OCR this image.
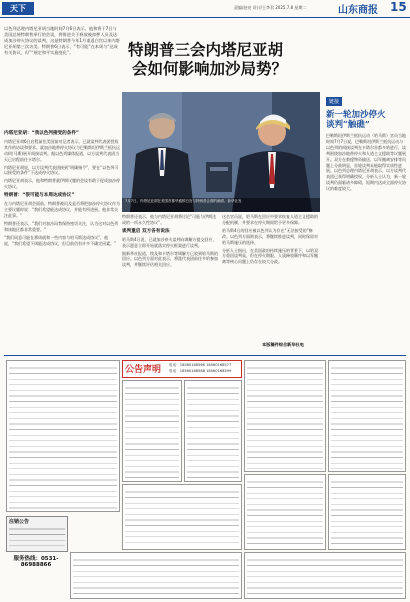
天下	责编/赵亮 设计/王李君 2025.7.8 星期二	山东商报 15

以色列总理内塔尼亚胡当地时间7月6日表示，他和将于7日与美国总统特朗普举行的会谈，将推进关于释放被扣押人员及达成加沙停火协议的谈判。这是特朗普今年1月重返白宫以来内塔尼亚胡第三次访美。特朗普6日表示，“有可能”在本周与“达成有关协议，但”“规定和平实施变化”。	特朗普三会内塔尼亚胡
会如何影响加沙局势？
7月7日，内塔尼亚胡在美国首都华盛顿白宫与特朗普会面的画面。新华社发
内塔尼亚胡：“我以色列接受的条件”

内塔尼亚胡6日启程前往美国前对记者表示，已就谈判代表团授权其作的访谈和要求。就加沙地带停火协议与巴勒斯坦伊斯兰抵抗运动(哈马斯)展开间接谈判。据以色列媒体报道，以方谈判代表团当天已启程前往卡塔尔。

内塔尼亚胡说，以方谈判代表团接到“明确指令”，要在“以色列可以接受的条件”下达成停火协议。

内塔尼亚胡表示，他和特朗普就伊朗议题的会谈有助于促成加沙停火协议。

特朗普：“很可能与本周达成协议”

在与内塔尼亚胡会面前，特朗普被问及是否将把加沙停火协议作为主要议题时说：“我们希望能达成协议，并能有所进展。他非常关注此事。”

特朗普还表示，“我们对加沙局势保持密切关注，认为这对以色列和该地区都非常重要。”

“我们同意可能在那周就和一些内容与哈马斯达成协议”，他说，“我们希望下周能达成协议，但目前仍有许多不确定因素。”

特朗普还表示，他与内塔尼亚胡将讨论“可能与伊朗达成的一项永久性协议”。

谈判重启 双方各有说法

哈马斯4日说，已就加沙停火谈判向调解方提交回应，表示愿意立即开始就落实停火框架进行谈判。

据新华社报道，埃及和卡塔尔等调解方已收到哈马斯的回应。以色列方面对此表示，将派代表团前往多哈参加谈判，并继续评估相关回应。

这名官员说，哈马斯在回应中要求恢复人道主义援助的分配机制，并要求在停火期间给予更多保障。

哈马斯4日的回应被以色列认为存在“无法接受的”修改。以色列方面则表示，将继续推进谈判，同时保留对哈马斯施压的选择。

分析人士指出，在美国政府持续施压的背景下，以哈双方重回谈判桌，但在停火期限、人质释放顺序和以军撤离等核心问题上仍存在较大分歧。

本版稿件综合新华社电
链接
新一轮加沙停火
谈判“触礁”

巴勒斯坦伊斯兰抵抗运动（哈马斯）官员当地时间7月7日说，巴勒斯坦伊斯兰抵抗运动与以色列的间接谈判在卡塔尔首都多哈进行，谈判围绕加沙地带停火和人道主义援助等议题展开。双方在救援物资输送、以军撤离安排等问题上分歧明显，首轮谈判未能取得实质性进展。以色列总理内塔尼亚胡表示，以方谈判代表团已获得明确授权。分析人士认为，新一轮谈判仍面临诸多障碍，短期内达成全面停火协议的难度较大。

公告声明 电话：18560168566 18560168577
电话：18560168588 18560168599
注销公告
服务热线：0531-86988866
